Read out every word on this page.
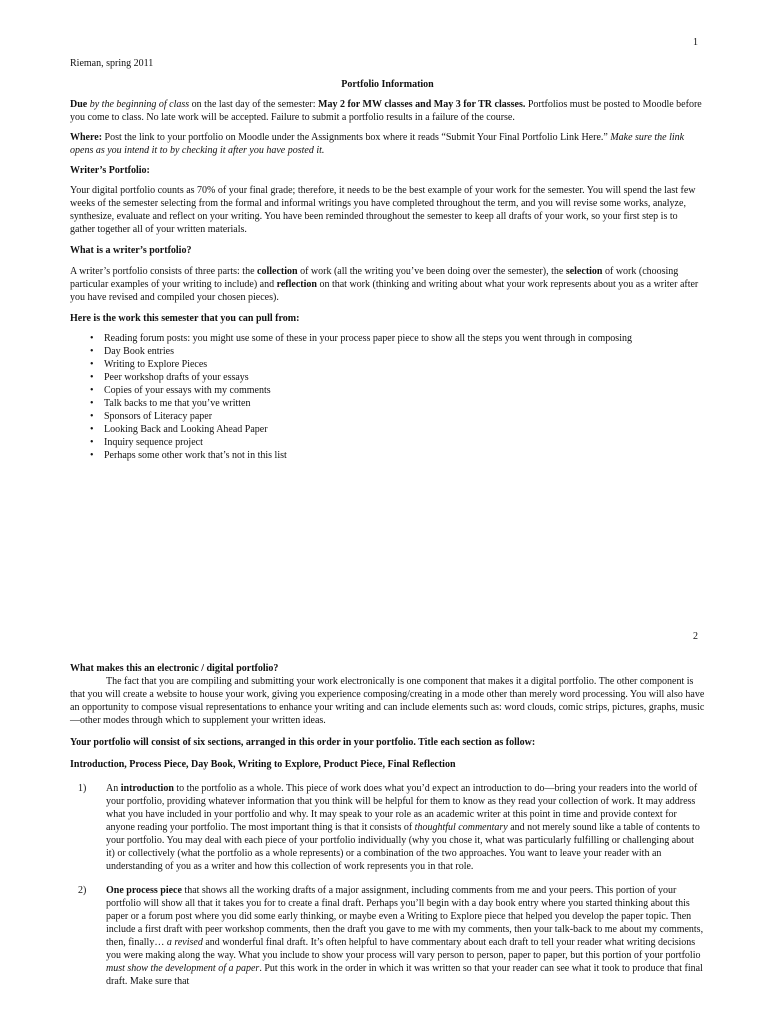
1

Rieman, spring 2011

Portfolio Information

Due by the beginning of class on the last day of the semester: May 2 for MW classes and May 3 for TR classes. Portfolios must be posted to Moodle before you come to class. No late work will be accepted. Failure to submit a portfolio results in a failure of the course.

Where: Post the link to your portfolio on Moodle under the Assignments box where it reads “Submit Your Final Portfolio Link Here.” Make sure the link opens as you intend it to by checking it after you have posted it.

Writer’s Portfolio:

Your digital portfolio counts as 70% of your final grade; therefore, it needs to be the best example of your work for the semester. You will spend the last few weeks of the semester selecting from the formal and informal writings you have completed throughout the term, and you will revise some works, analyze, synthesize, evaluate and reflect on your writing. You have been reminded throughout the semester to keep all drafts of your work, so your first step is to gather together all of your written materials.

What is a writer’s portfolio?

A writer’s portfolio consists of three parts: the collection of work (all the writing you’ve been doing over the semester), the selection of work (choosing particular examples of your writing to include) and reflection on that work (thinking and writing about what your work represents about you as a writer after you have revised and compiled your chosen pieces).

Here is the work this semester that you can pull from:

• Reading forum posts: you might use some of these in your process paper piece to show all the steps you went through in composing
• Day Book entries
• Writing to Explore Pieces
• Peer workshop drafts of your essays
• Copies of your essays with my comments
• Talk backs to me that you’ve written
• Sponsors of Literacy paper
• Looking Back and Looking Ahead Paper
• Inquiry sequence project
• Perhaps some other work that’s not in this list
2

What makes this an electronic / digital portfolio?

The fact that you are compiling and submitting your work electronically is one component that makes it a digital portfolio. The other component is that you will create a website to house your work, giving you experience composing/creating in a mode other than merely word processing. You will also have an opportunity to compose visual representations to enhance your writing and can include elements such as: word clouds, comic strips, pictures, graphs, music—other modes through which to supplement your written ideas.

Your portfolio will consist of six sections, arranged in this order in your portfolio. Title each section as follow:

Introduction, Process Piece, Day Book, Writing to Explore, Product Piece, Final Reflection

1) An introduction to the portfolio as a whole. This piece of work does what you’d expect an introduction to do—bring your readers into the world of your portfolio, providing whatever information that you think will be helpful for them to know as they read your collection of work. It may address what you have included in your portfolio and why. It may speak to your role as an academic writer at this point in time and provide context for anyone reading your portfolio. The most important thing is that it consists of thoughtful commentary and not merely sound like a table of contents to your portfolio. You may deal with each piece of your portfolio individually (why you chose it, what was particularly fulfilling or challenging about it) or collectively (what the portfolio as a whole represents) or a combination of the two approaches. You want to leave your reader with an understanding of you as a writer and how this collection of work represents you in that role.
2) One process piece that shows all the working drafts of a major assignment, including comments from me and your peers. This portion of your portfolio will show all that it takes you for to create a final draft. Perhaps you’ll begin with a day book entry where you started thinking about this paper or a forum post where you did some early thinking, or maybe even a Writing to Explore piece that helped you develop the paper topic. Then include a first draft with peer workshop comments, then the draft you gave to me with my comments, then your talk-back to me about my comments, then, finally… a revised and wonderful final draft. It’s often helpful to have commentary about each draft to tell your reader what writing decisions you were making along the way. What you include to show your process will vary person to person, paper to paper, but this portion of your portfolio must show the development of a paper. Put this work in the order in which it was written so that your reader can see what it took to produce that final draft. Make sure that
